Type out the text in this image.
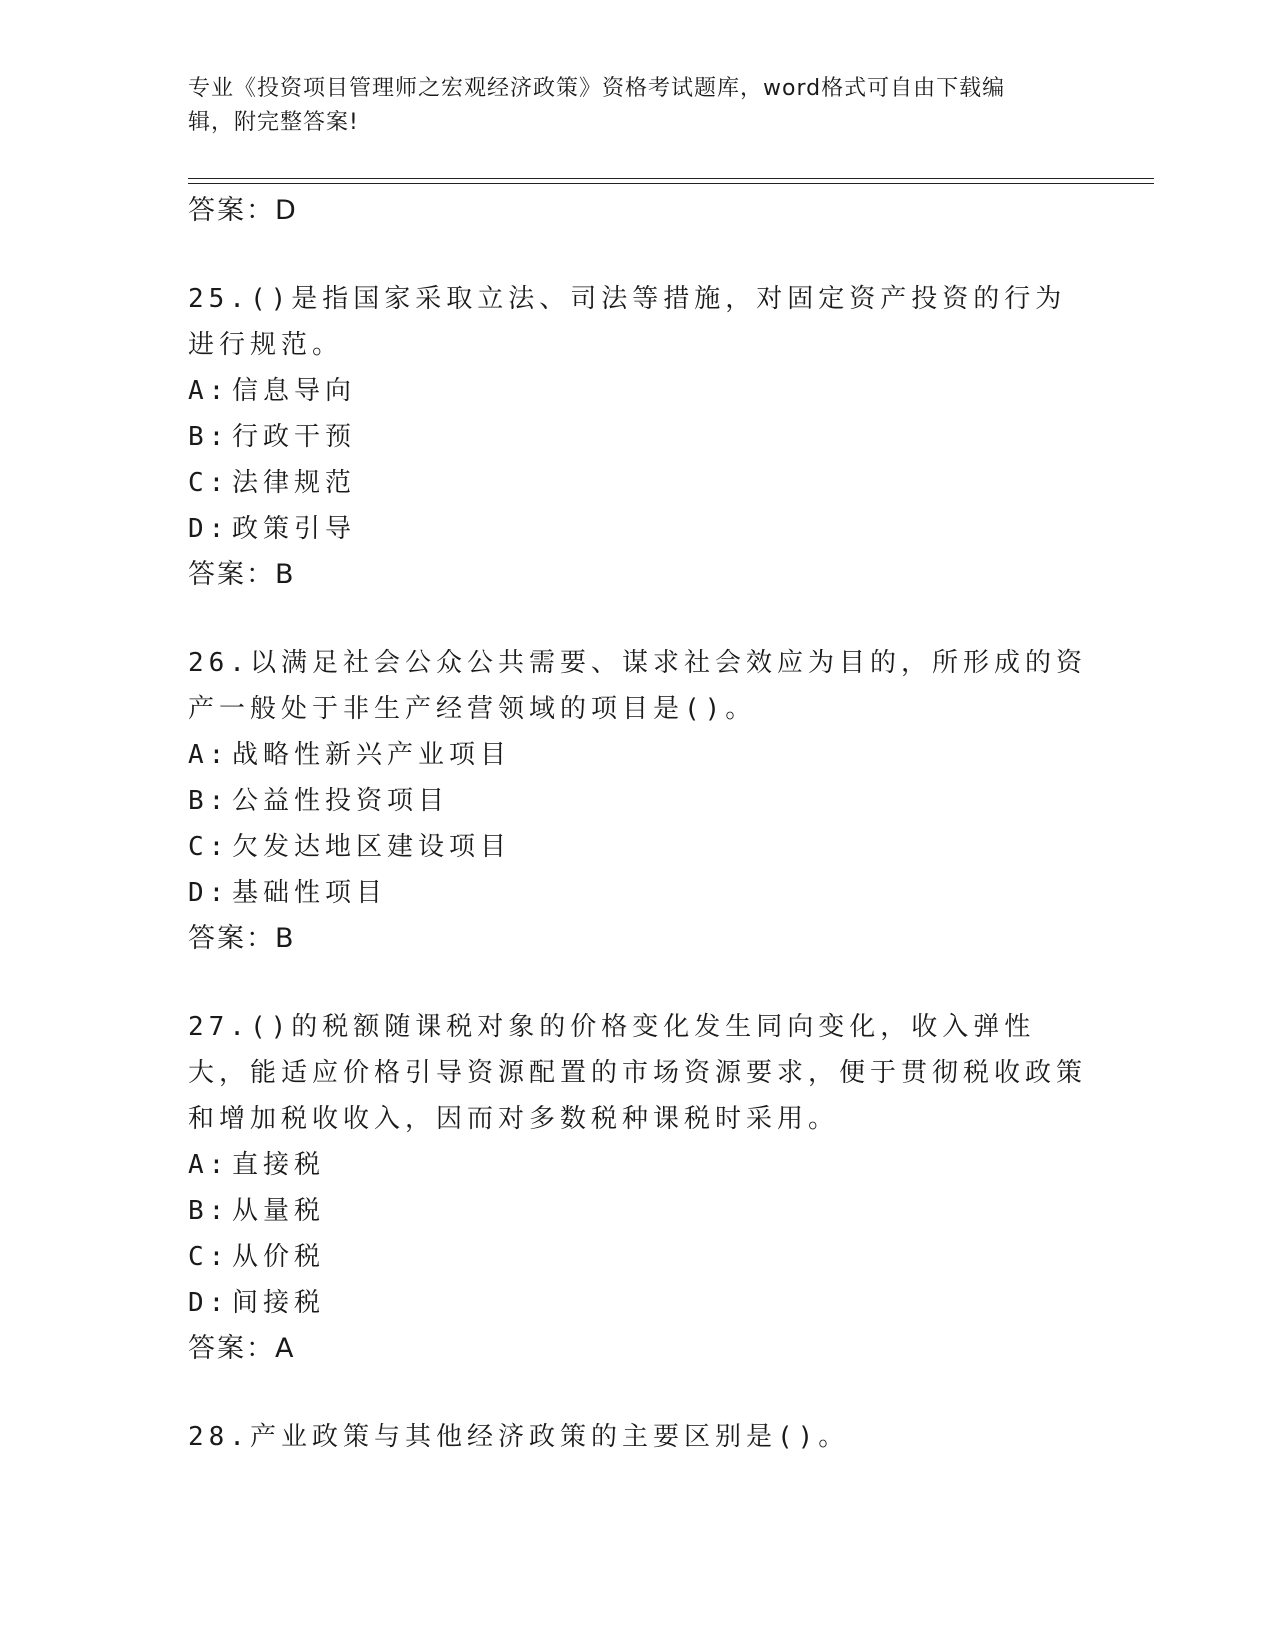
专业《投资项目管理师之宏观经济政策》资格考试题库，word格式可自由下载编
辑，附完整答案!

答案：D

25.()是指国家采取立法、司法等措施，对固定资产投资的行为进行规范。

A: 信息导向

B: 行政干预

C: 法律规范

D: 政策引导

答案：B

26.以满足社会公众公共需要、谋求社会效应为目的，所形成的资产一般处于非生产经营领域的项目是()。

A: 战略性新兴产业项目

B: 公益性投资项目

C: 欠发达地区建设项目

D: 基础性项目

答案：B

27.()的税额随课税对象的价格变化发生同向变化，收入弹性大，能适应价格引导资源配置的市场资源要求，便于贯彻税收政策和增加税收收入，因而对多数税种课税时采用。

A: 直接税

B: 从量税

C: 从价税

D: 间接税

答案：A

28.产业政策与其他经济政策的主要区别是()。
